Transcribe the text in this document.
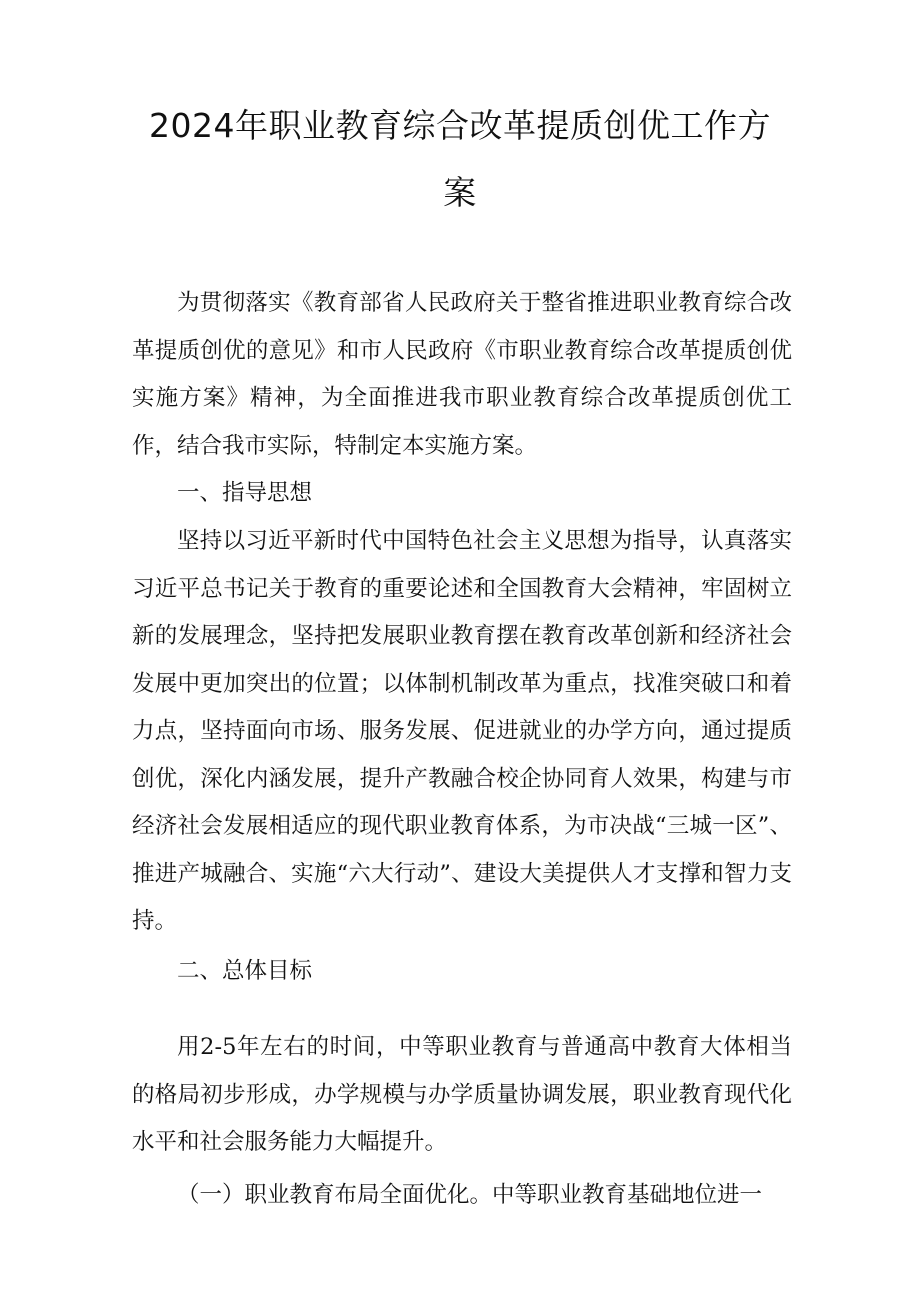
2024年职业教育综合改革提质创优工作方
案

为贯彻落实《教育部省人民政府关于整省推进职业教育综合改革提质创优的意见》和市人民政府《市职业教育综合改革提质创优实施方案》精神，为全面推进我市职业教育综合改革提质创优工作，结合我市实际，特制定本实施方案。

一、指导思想

坚持以习近平新时代中国特色社会主义思想为指导，认真落实习近平总书记关于教育的重要论述和全国教育大会精神，牢固树立新的发展理念，坚持把发展职业教育摆在教育改革创新和经济社会发展中更加突出的位置；以体制机制改革为重点，找准突破口和着力点，坚持面向市场、服务发展、促进就业的办学方向，通过提质创优，深化内涵发展，提升产教融合校企协同育人效果，构建与市经济社会发展相适应的现代职业教育体系，为市决战“三城一区”、推进产城融合、实施“六大行动”、建设大美提供人才支撑和智力支持。

二、总体目标

用2-5年左右的时间，中等职业教育与普通高中教育大体相当的格局初步形成，办学规模与办学质量协调发展，职业教育现代化水平和社会服务能力大幅提升。

（一）职业教育布局全面优化。中等职业教育基础地位进一
